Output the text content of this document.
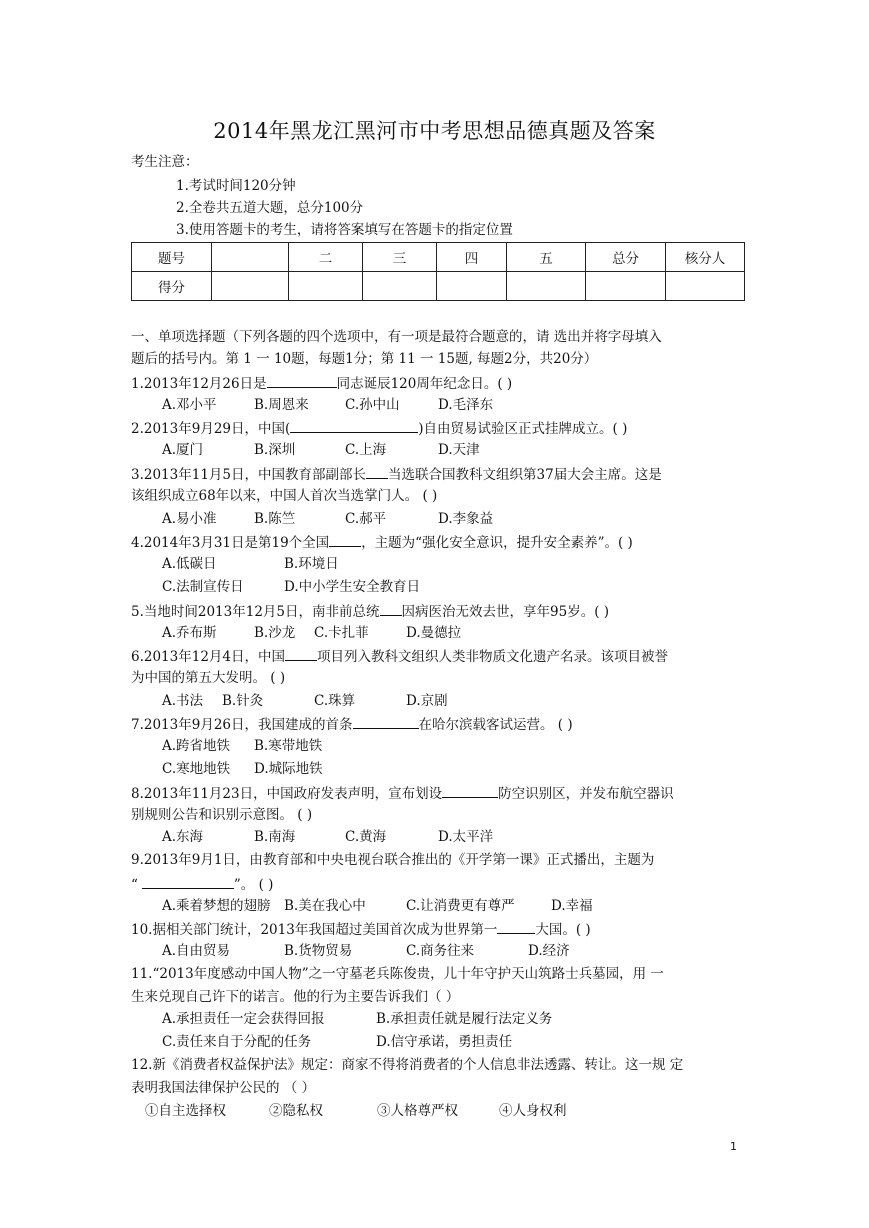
2014年黑龙江黑河市中考思想品德真题及答案
考生注意：
1.考试时间120分钟
2.全卷共五道大题，总分100分
3.使用答题卡的考生，请将答案填写在答题卡的指定位置
题号		二	三	四	五	总分	核分人
得分							
一、单项选择题（下列各题的四个选项中，有一项是最符合题意的，请 选出并将字母填入
题后的括号内。第 1 一 10题，每题1分；第 11 一 15题, 每题2分，共20分）
1.2013年12月26日是	同志诞辰120周年纪念日。( )
A.邓小平	B.周恩来	C.孙中山	D.毛泽东
2.2013年9月29日，中国(	)自由贸易试验区正式挂牌成立。( )
A.厦门	B.深圳	C.上海	D.天津
3.2013年11月5日，中国教育部副部长 当选联合国教科文组织第37届大会主席。这是
该组织成立68年以来，中国人首次当选掌门人。 ( )
A.易小准	B.陈竺	C.郝平	D.李象益
4.2014年3月31日是第19个全国 ，主题为“强化安全意识，提升安全素养”。( )
A.低碳日	B.环境日
C.法制宣传日	D.中小学生安全教育日
5.当地时间2013年12月5日，南非前总统 因病医治无效去世，享年95岁。( )
A.乔布斯	B.沙龙 C.卡扎菲	D.曼德拉
6.2013年12月4日，中国 项目列入教科文组织人类非物质文化遗产名录。该项目被誉
为中国的第五大发明。 ( )
A.书法 B.针灸	C.珠算	D.京剧
7.2013年9月26日，我国建成的首条	在哈尔滨载客试运营。 ( )
A.跨省地铁 B.寒带地铁
C.寒地地铁 D.城际地铁
8.2013年11月23日，中国政府发表声明，宣布划设	防空识别区，并发布航空器识
别规则公告和识别示意图。 ( )
A.东海	B.南海	C.黄海	D.太平洋
9.2013年9月1日，由教育部和中央电视台联合推出的《开学第一课》正式播出，主题为
“	”。 ( )
A.乘着梦想的翅膀 B.美在我心中	C.让消费更有尊严	D.幸福
10.据相关部门统计，2013年我国超过美国首次成为世界第一	大国。( )
A.自由贸易	B.货物贸易	C.商务往来	D.经济
11.“2013年度感动中国人物”之一守墓老兵陈俊贵，儿十年守护天山筑路士兵墓园，用 一
生来兑现自己许下的诺言。他的行为主要告诉我们（ ）
A.承担责任一定会获得回报	B.承担责任就是履行法定义务
C.责任来自于分配的任务	D.信守承诺，勇担责任
12.新《消费者权益保护法》规定：商家不得将消费者的个人信息非法透露、转让。这一规 定
表明我国法律保护公民的 （ ）
①自主选择权	②隐私权	③人格尊严权	④人身权利
1
